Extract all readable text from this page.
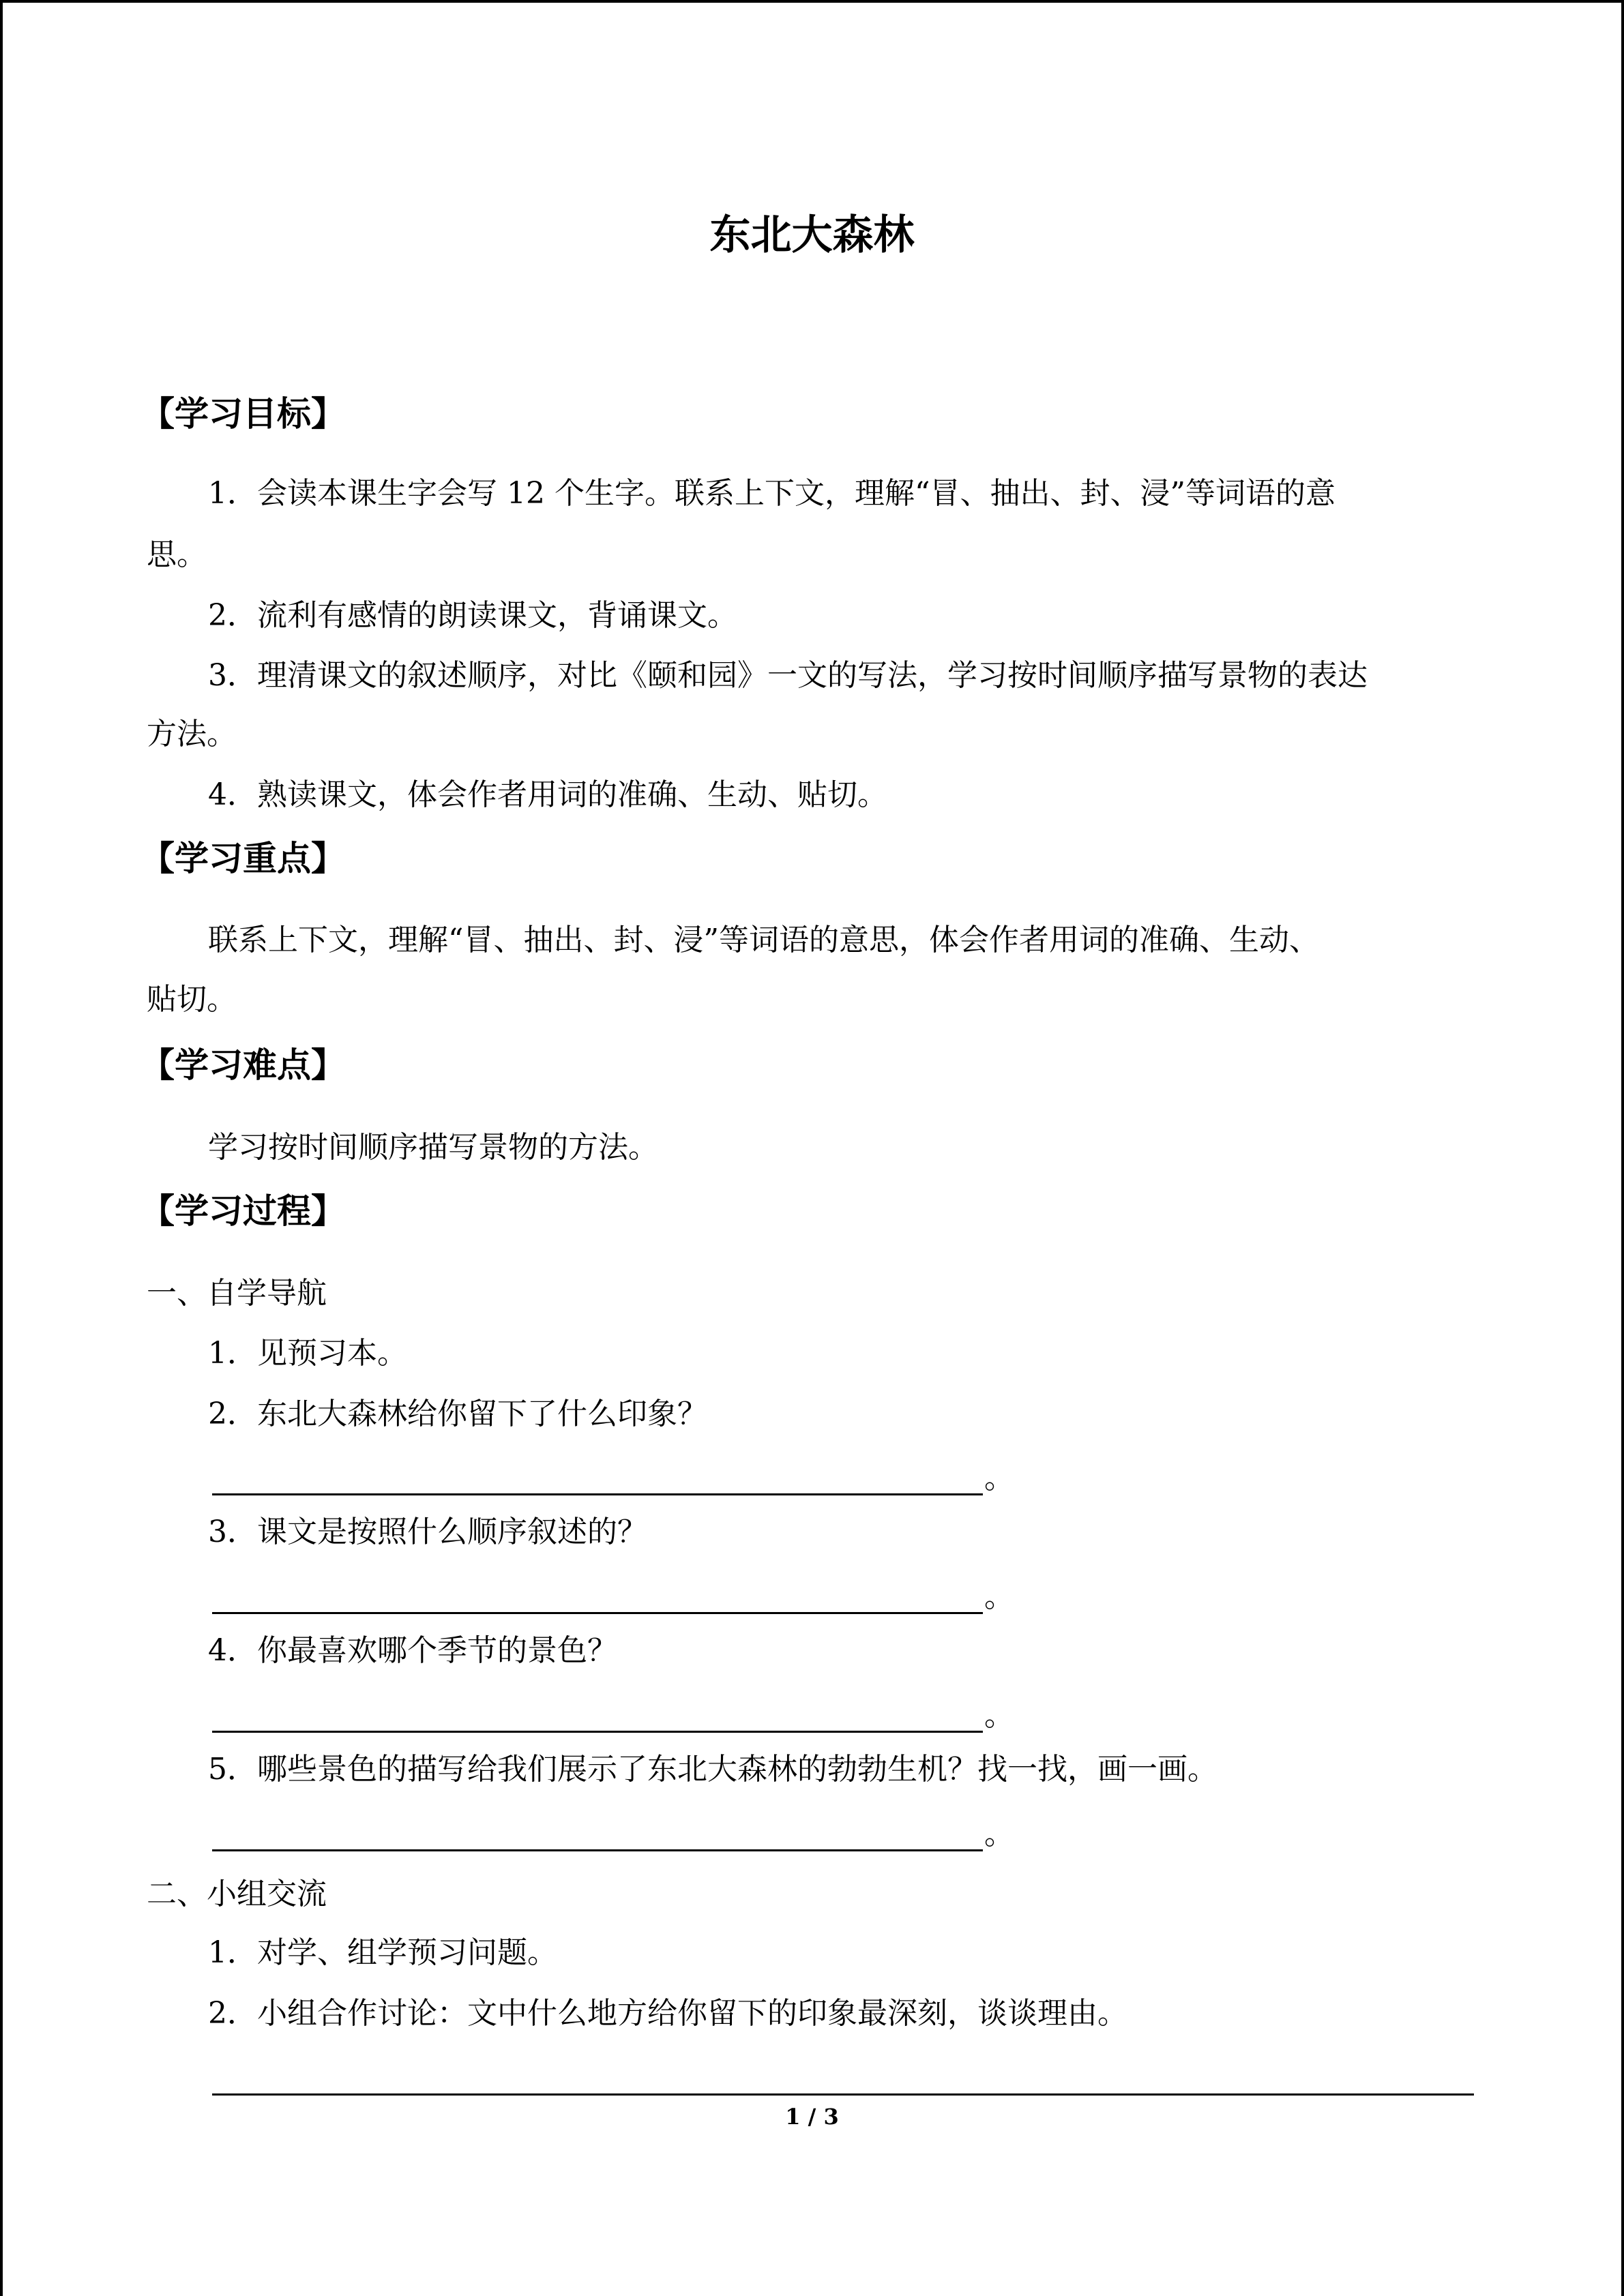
东北大森林
【学习目标】
1．会读本课生字会写 12 个生字。联系上下文，理解“冒、抽出、封、浸”等词语的意
思。
2．流利有感情的朗读课文，背诵课文。
3．理清课文的叙述顺序，对比《颐和园》一文的写法，学习按时间顺序描写景物的表达
方法。
4．熟读课文，体会作者用词的准确、生动、贴切。
【学习重点】
联系上下文，理解“冒、抽出、封、浸”等词语的意思，体会作者用词的准确、生动、
贴切。
【学习难点】
学习按时间顺序描写景物的方法。
【学习过程】
一、自学导航
1．见预习本。
2．东北大森林给你留下了什么印象？
。
3．课文是按照什么顺序叙述的？
。
4．你最喜欢哪个季节的景色？
。
5．哪些景色的描写给我们展示了东北大森林的勃勃生机？找一找，画一画。
。
二、小组交流
1．对学、组学预习问题。
2．小组合作讨论：文中什么地方给你留下的印象最深刻，谈谈理由。
1 / 3
